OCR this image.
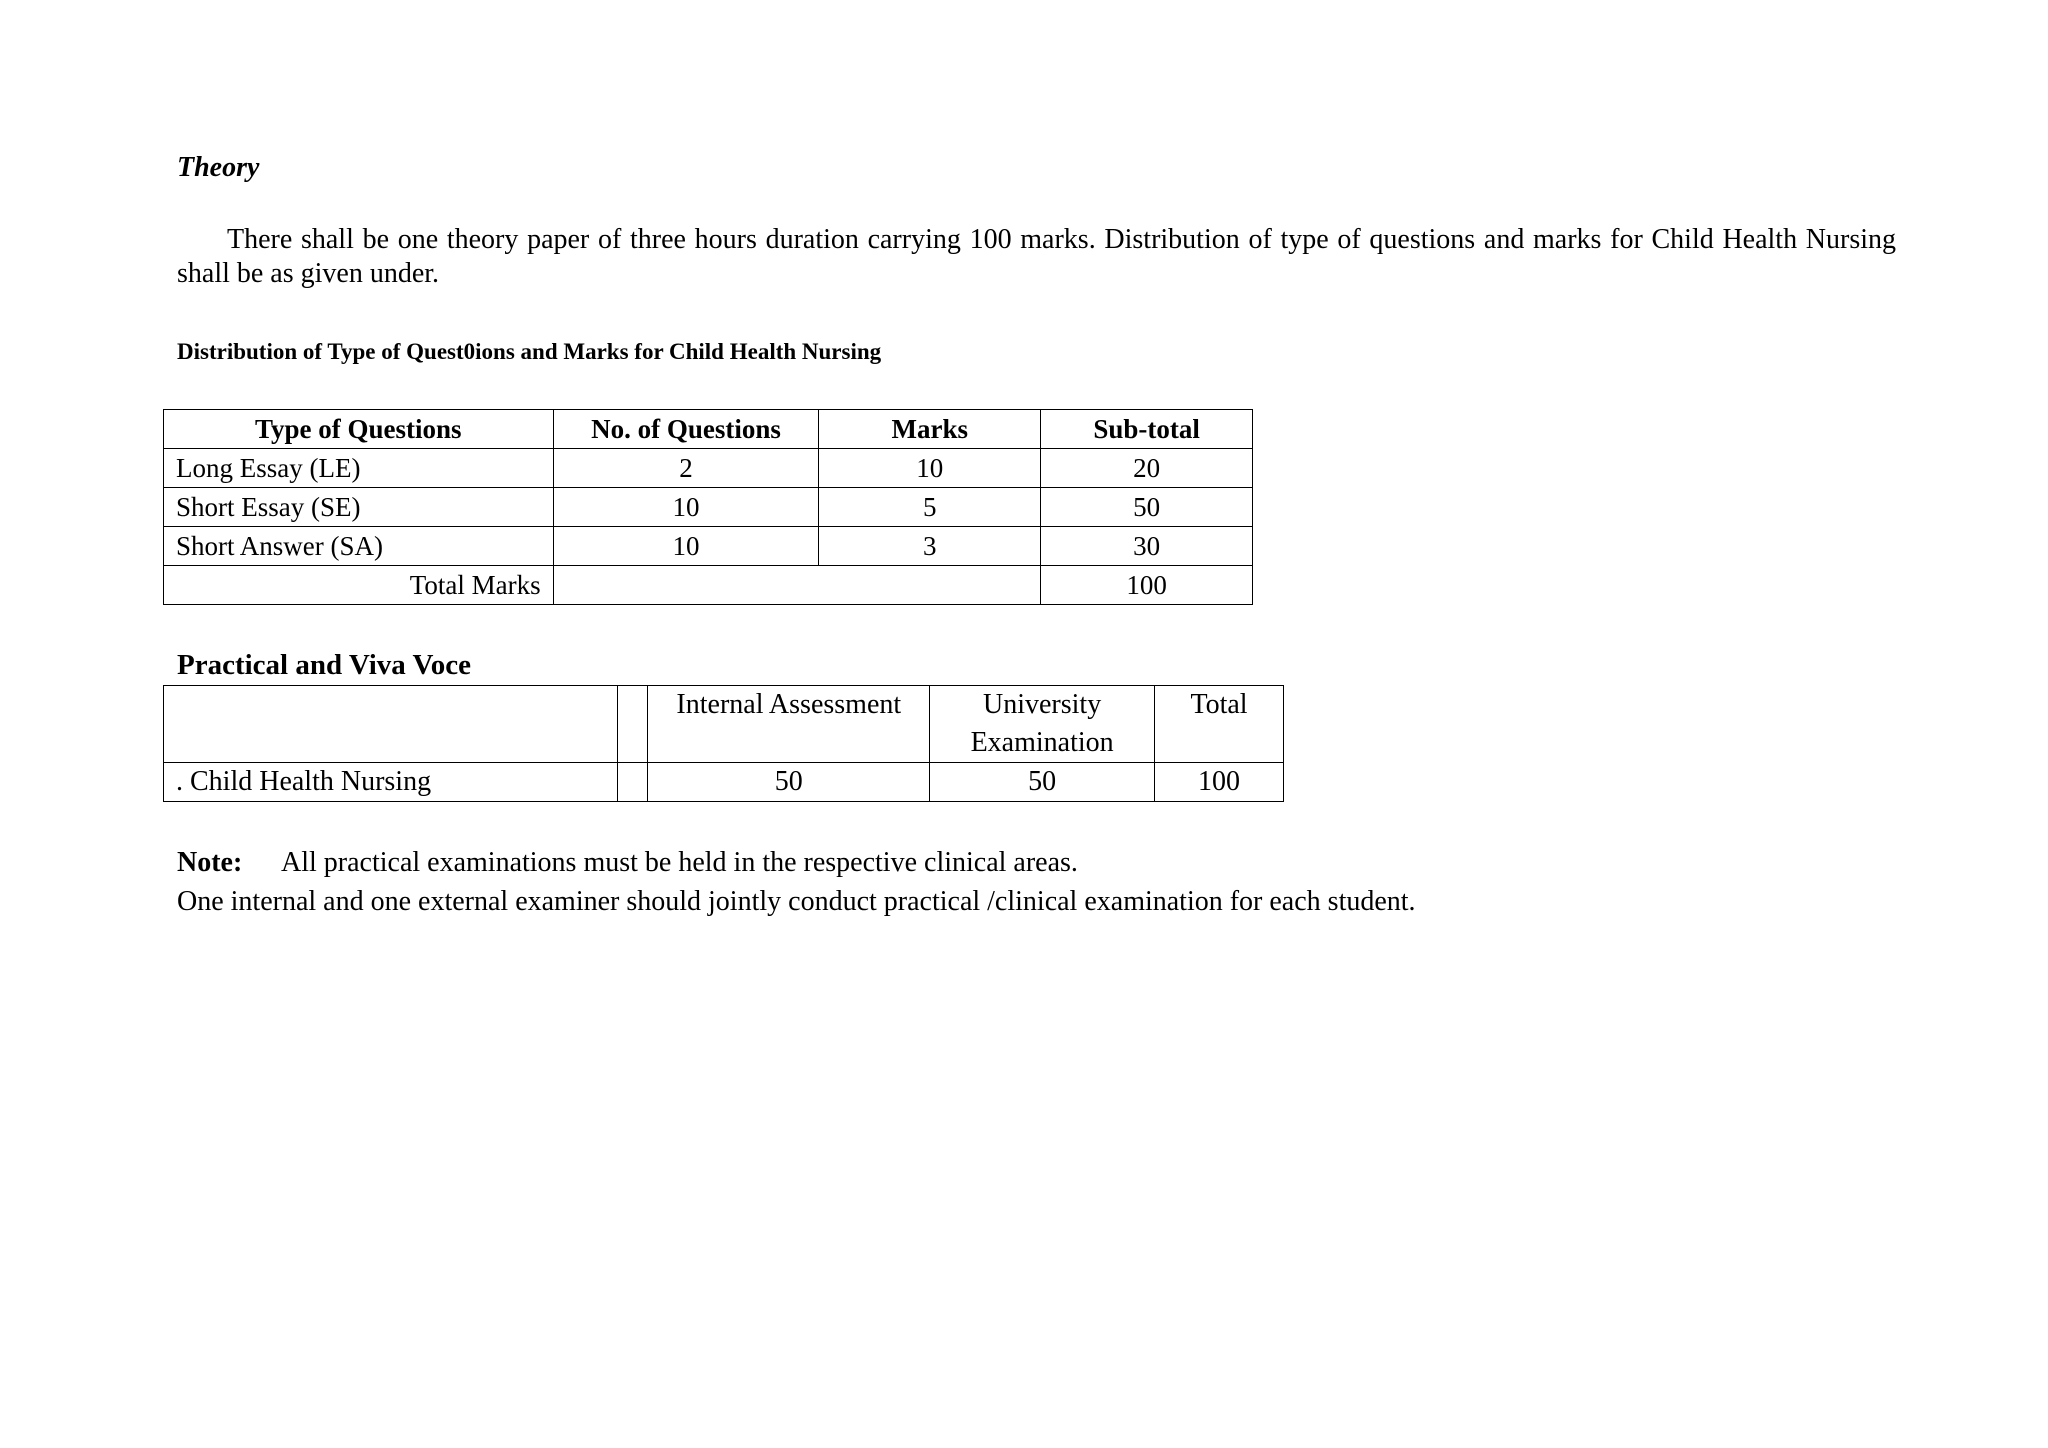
Theory

There shall be one theory paper of three hours duration carrying 100 marks. Distribution of type of questions and marks for Child Health Nursing shall be as given under.

Distribution of Type of Quest0ions and Marks for Child Health Nursing

Type of Questions	No. of Questions	Marks	Sub-total
Long Essay (LE)	2	10	20
Short Essay (SE)	10	5	50
Short Answer (SA)	10	3	30
Total Marks			100
Practical and Viva Voce
		Internal Assessment	University Examination	Total
. Child Health Nursing		50	50	100

Note: All practical examinations must be held in the respective clinical areas.

One internal and one external examiner should jointly conduct practical /clinical examination for each student.
